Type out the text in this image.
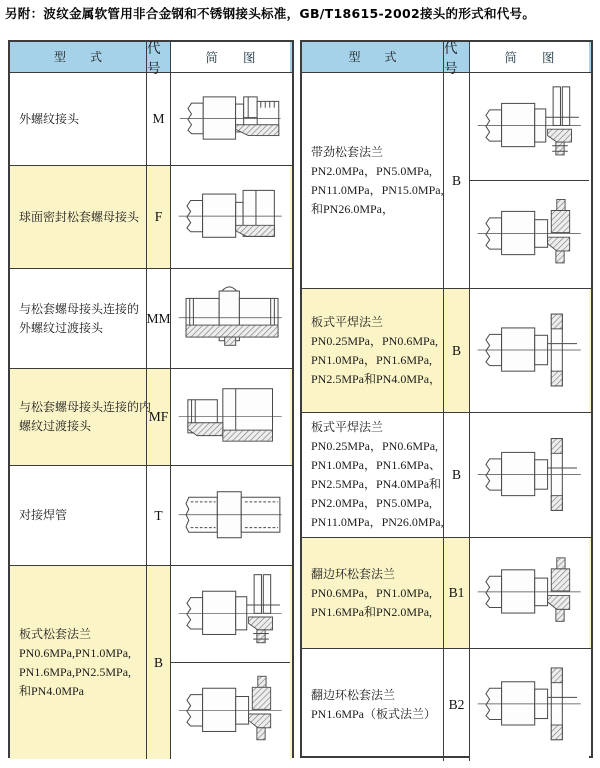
另附：波纹金属软管用非合金钢和不锈钢接头标准，GB/T18615-2002接头的形式和代号。
型　　式
代号
简　　图
外螺纹接头	M
球面密封松套螺母接头	F
与松套螺母接头连接的
外螺纹过渡接头
MM
与松套螺母接头连接的内
螺纹过渡接头
MF
对接焊管	T
板式松套法兰
PN0.6MPa,PN1.0MPa,
PN1.6MPa,PN2.5MPa,
和PN4.0MPa
B
型　　式
代号
简　　图
带劲松套法兰
PN2.0MPa，PN5.0MPa,
PN11.0MPa，PN15.0MPa,
和PN26.0MPa，
B
板式平焊法兰
PN0.25MPa，PN0.6MPa,
PN1.0MPa，PN1.6MPa,
PN2.5MPa和PN4.0MPa，
B
板式平焊法兰
PN0.25MPa，PN0.6MPa,
PN1.0MPa，PN1.6MPa、
PN2.5MPa，PN4.0MPa和
PN2.0MPa，PN5.0MPa,
PN11.0MPa，PN26.0MPa,
B
翻边环松套法兰
PN0.6MPa，PN1.0MPa,
PN1.6MPa和PN2.0MPa,
B1
翻边环松套法兰
PN1.6MPa（板式法兰）
B2
